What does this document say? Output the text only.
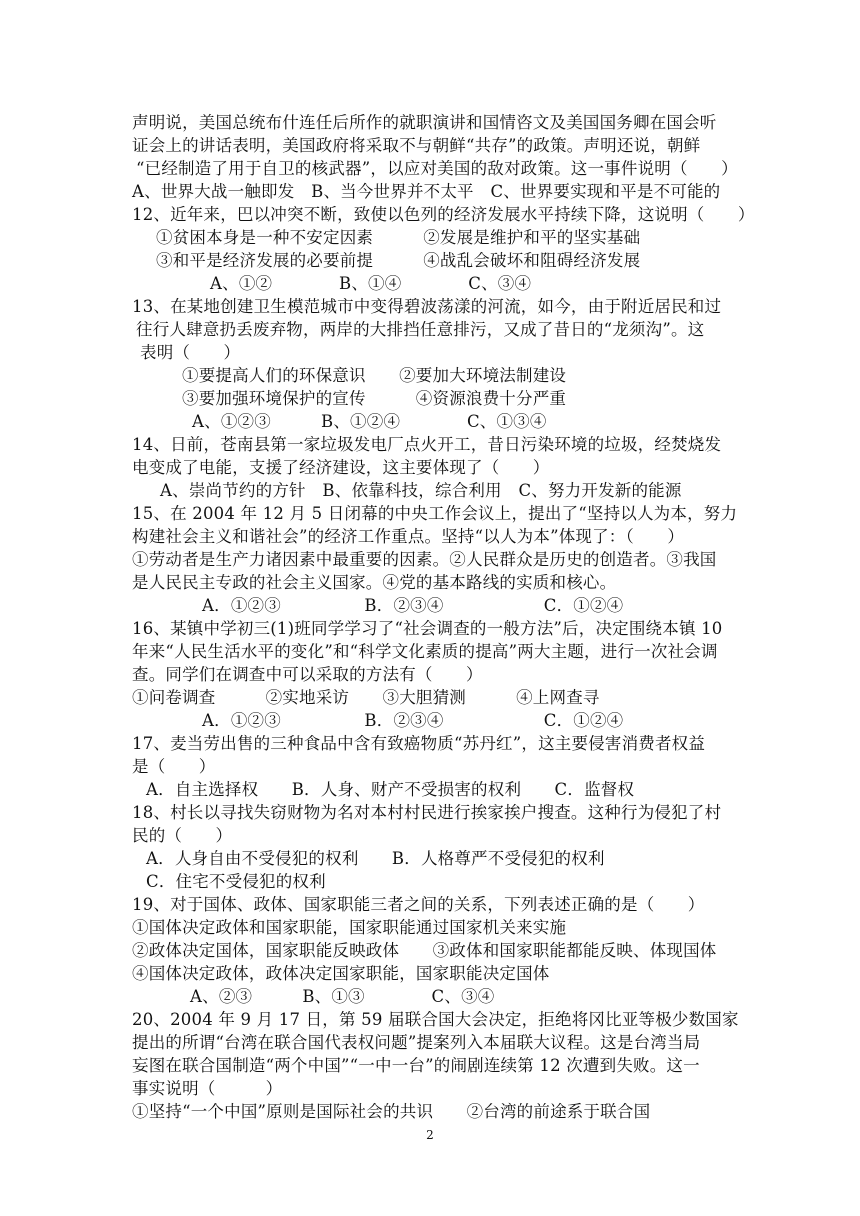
声明说，美国总统布什连任后所作的就职演讲和国情咨文及美国国务卿在国会听
证会上的讲话表明，美国政府将采取不与朝鲜“共存”的政策。声明还说，朝鲜
“已经制造了用于自卫的核武器”，以应对美国的敌对政策。这一事件说明（　　）
A、世界大战一触即发　B、当今世界并不太平　C、世界要实现和平是不可能的
12、近年来，巴以冲突不断，致使以色列的经济发展水平持续下降，这说明（　　）
①贫困本身是一种不安定因素　　　②发展是维护和平的坚实基础
③和平是经济发展的必要前提　　　④战乱会破坏和阻碍经济发展
A、①②　　　　B、①④　　　　C、③④
13、在某地创建卫生模范城市中变得碧波荡漾的河流，如今，由于附近居民和过
往行人肆意扔丢废弃物，两岸的大排挡任意排污，又成了昔日的“龙须沟”。这
表明（　　）
①要提高人们的环保意识　　②要加大环境法制建设
③要加强环境保护的宣传　　　④资源浪费十分严重
A、①②③　　　B、①②④　　　　C、①③④
14、日前，苍南县第一家垃圾发电厂点火开工，昔日污染环境的垃圾，经焚烧发
电变成了电能，支援了经济建设，这主要体现了（　　）
A、崇尚节约的方针　B、依靠科技，综合利用　C、努力开发新的能源
15、在 2004 年 12 月 5 日闭幕的中央工作会议上，提出了“坚持以人为本，努力
构建社会主义和谐社会”的经济工作重点。坚持“以人为本”体现了：（　　）
①劳动者是生产力诸因素中最重要的因素。②人民群众是历史的创造者。③我国
是人民民主专政的社会主义国家。④党的基本路线的实质和核心。
A．①②③　　　　　B．②③④　　　　　　C．①②④
16、某镇中学初三(1)班同学学习了“社会调查的一般方法”后，决定围绕本镇 10
年来“人民生活水平的变化”和“科学文化素质的提高”两大主题，进行一次社会调
查。同学们在调查中可以采取的方法有（　　）
①问卷调查　　　②实地采访　　③大胆猜测　　　④上网查寻
A．①②③　　　　　B．②③④　　　　　　C．①②④
17、麦当劳出售的三种食品中含有致癌物质“苏丹红”，这主要侵害消费者权益
是（　　）
A．自主选择权　　B．人身、财产不受损害的权利　　C．监督权
18、村长以寻找失窃财物为名对本村村民进行挨家挨户搜查。这种行为侵犯了村
民的（　　）
A．人身自由不受侵犯的权利　　B．人格尊严不受侵犯的权利
C．住宅不受侵犯的权利
19、对于国体、政体、国家职能三者之间的关系，下列表述正确的是（　　）
①国体决定政体和国家职能，国家职能通过国家机关来实施
②政体决定国体，国家职能反映政体　　③政体和国家职能都能反映、体现国体
④国体决定政体，政体决定国家职能，国家职能决定国体
A、②③　　　B、①③　　　　C、③④
20、2004 年 9 月 17 日，第 59 届联合国大会决定，拒绝将冈比亚等极少数国家
提出的所谓“台湾在联合国代表权问题”提案列入本届联大议程。这是台湾当局
妄图在联合国制造“两个中国”“一中一台”的闹剧连续第 12 次遭到失败。这一
事实说明（　　　）
①坚持“一个中国”原则是国际社会的共识　　②台湾的前途系于联合国
2
